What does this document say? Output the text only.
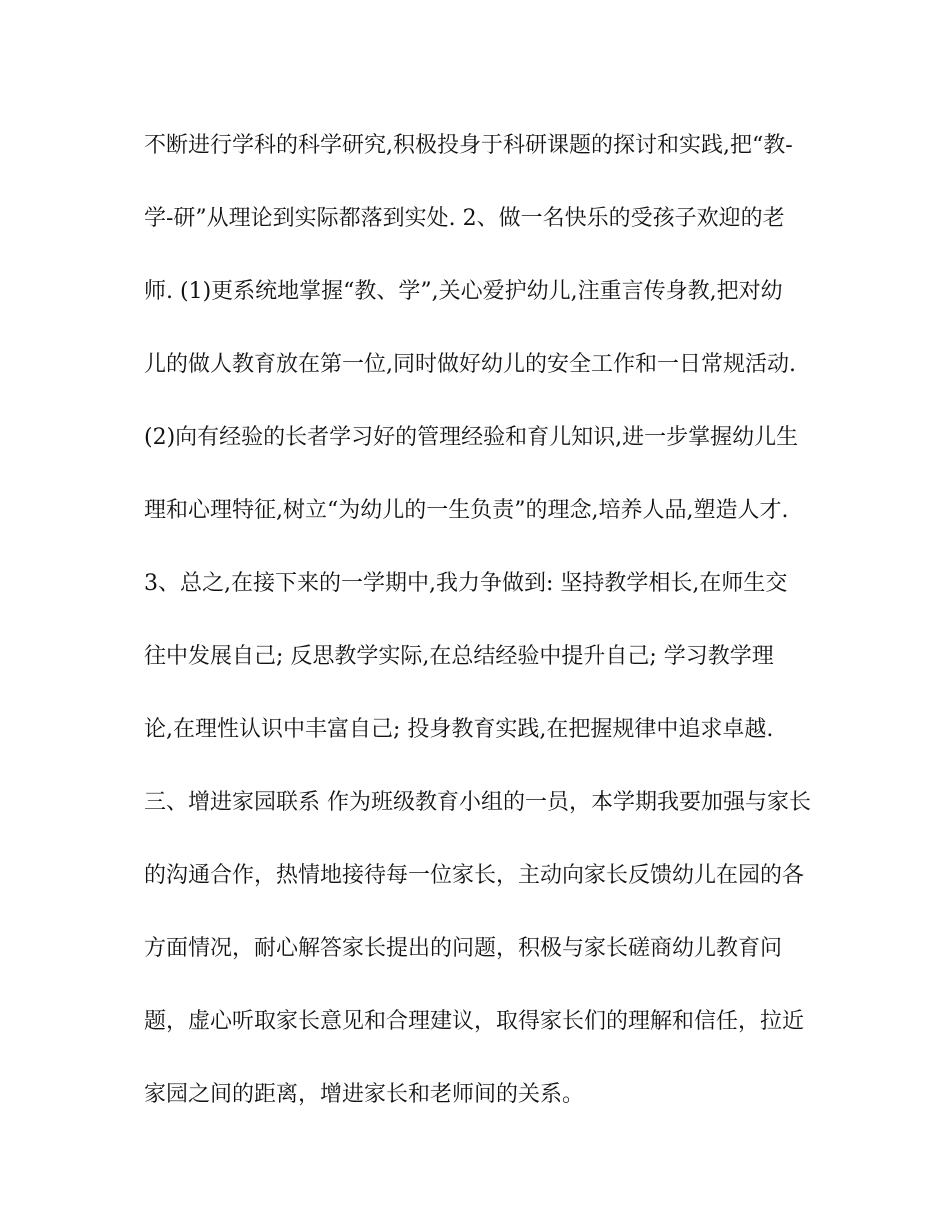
不断进行学科的科学研究,积极投身于科研课题的探讨和实践,把“教-
学-研”从理论到实际都落到实处. 2、做一名快乐的受孩子欢迎的老
师. (1)更系统地掌握“教、学”,关心爱护幼儿,注重言传身教,把对幼
儿的做人教育放在第一位,同时做好幼儿的安全工作和一日常规活动.
(2)向有经验的长者学习好的管理经验和育儿知识,进一步掌握幼儿生
理和心理特征,树立“为幼儿的一生负责”的理念,培养人品,塑造人才.
3、总之,在接下来的一学期中,我力争做到: 坚持教学相长,在师生交
往中发展自己; 反思教学实际,在总结经验中提升自己; 学习教学理
论,在理性认识中丰富自己; 投身教育实践,在把握规律中追求卓越.
三、增进家园联系 作为班级教育小组的一员，本学期我要加强与家长
的沟通合作，热情地接待每一位家长，主动向家长反馈幼儿在园的各
方面情况，耐心解答家长提出的问题，积极与家长磋商幼儿教育问
题，虚心听取家长意见和合理建议，取得家长们的理解和信任，拉近
家园之间的距离，增进家长和老师间的关系。
